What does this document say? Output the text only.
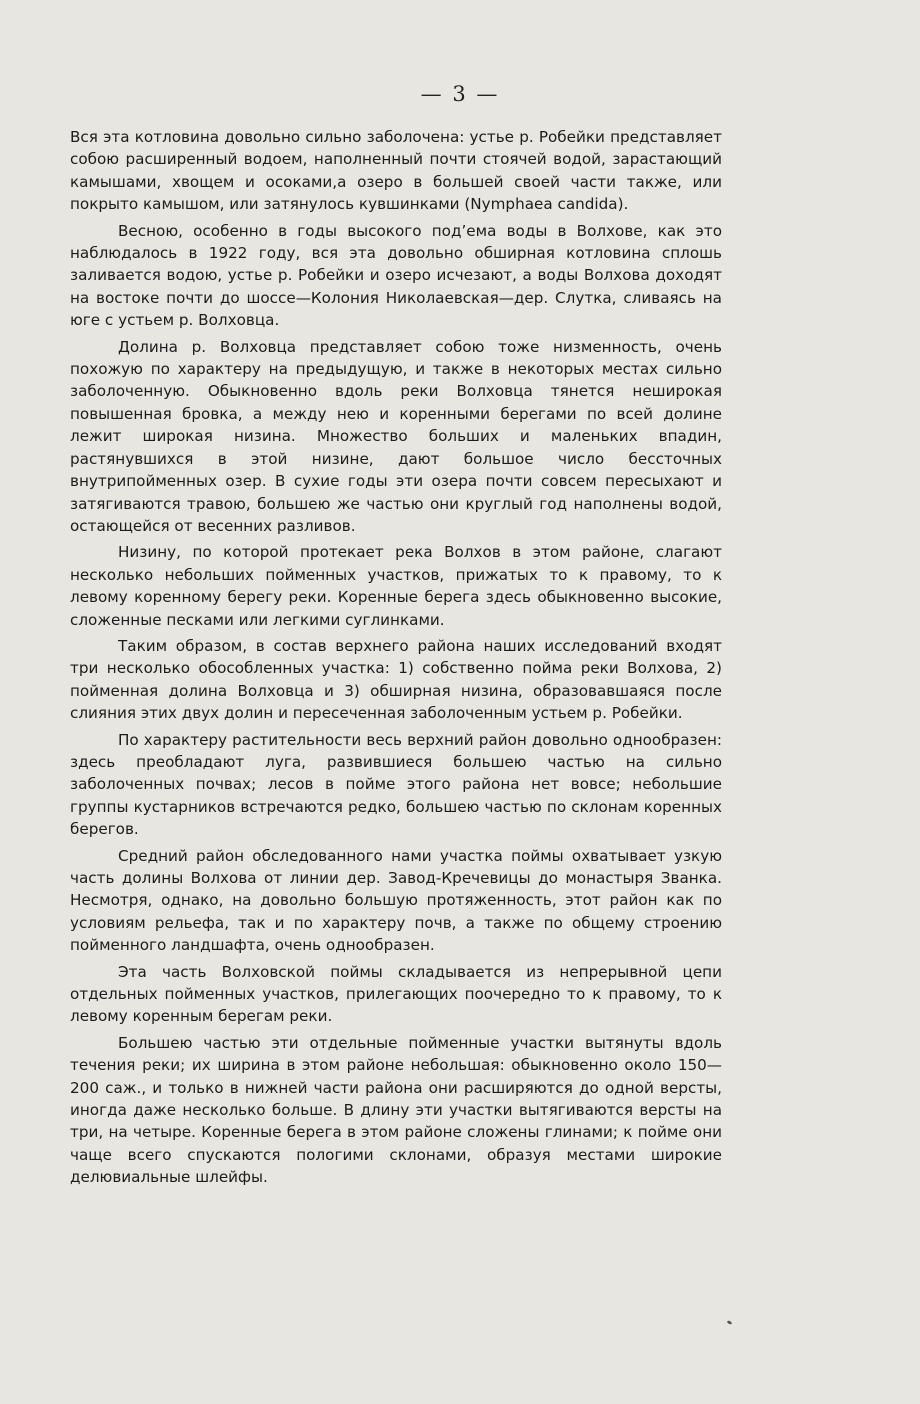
— 3 —

Вся эта котловина довольно сильно заболочена: устье р. Робейки представляет собою расширенный водоем, наполненный почти стоячей водой, зарастающий камышами, хвощем и осоками,а озеро в большей своей части также, или покрыто камышом, или затянулось кувшинками (Nymphaea candida).

Весною, особенно в годы высокого под’ема воды в Волхове, как это наблюдалось в 1922 году, вся эта довольно обширная котловина сплошь заливается водою, устье р. Робейки и озеро исчезают, а воды Волхова доходят на востоке почти до шоссе—Колония Николаевская—дер. Слутка, сливаясь на юге с устьем р. Волховца.

Долина р. Волховца представляет собою тоже низменность, очень похожую по характеру на предыдущую, и также в некоторых местах сильно заболоченную. Обыкновенно вдоль реки Волховца тянется неширокая повышенная бровка, а между нею и коренными берегами по всей долине лежит широкая низина. Множество больших и маленьких впадин, растянувшихся в этой низине, дают большое число бессточных внутрипойменных озер. В сухие годы эти озера почти совсем пересыхают и затягиваются травою, большею же частью они круглый год наполнены водой, остающейся от весенних разливов.

Низину, по которой протекает река Волхов в этом районе, слагают несколько небольших пойменных участков, прижатых то к правому, то к левому коренному берегу реки. Коренные берега здесь обыкновенно высокие, сложенные песками или легкими суглинками.

Таким образом, в состав верхнего района наших исследований входят три несколько обособленных участка: 1) собственно пойма реки Волхова, 2) пойменная долина Волховца и 3) обширная низина, образовавшаяся после слияния этих двух долин и пересеченная заболоченным устьем р. Робейки.

По характеру растительности весь верхний район довольно однообразен: здесь преобладают луга, развившиеся большею частью на сильно заболоченных почвах; лесов в пойме этого района нет вовсе; небольшие группы кустарников встречаются редко, большею частью по склонам коренных берегов.

Средний район обследованного нами участка поймы охватывает узкую часть долины Волхова от линии дер. Завод-Кречевицы до монастыря Званка. Несмотря, однако, на довольно большую протяженность, этот район как по условиям рельефа, так и по характеру почв, а также по общему строению пойменного ландшафта, очень однообразен.

Эта часть Волховской поймы складывается из непрерывной цепи отдельных пойменных участков, прилегающих поочередно то к правому, то к левому коренным берегам реки.

Большею частью эти отдельные пойменные участки вытянуты вдоль течения реки; их ширина в этом районе небольшая: обыкновенно около 150—200 саж., и только в нижней части района они расширяются до одной версты, иногда даже несколько больше. В длину эти участки вытягиваются версты на три, на четыре. Коренные берега в этом районе сложены глинами; к пойме они чаще всего спускаются пологими склонами, образуя местами широкие делювиальные шлейфы.
